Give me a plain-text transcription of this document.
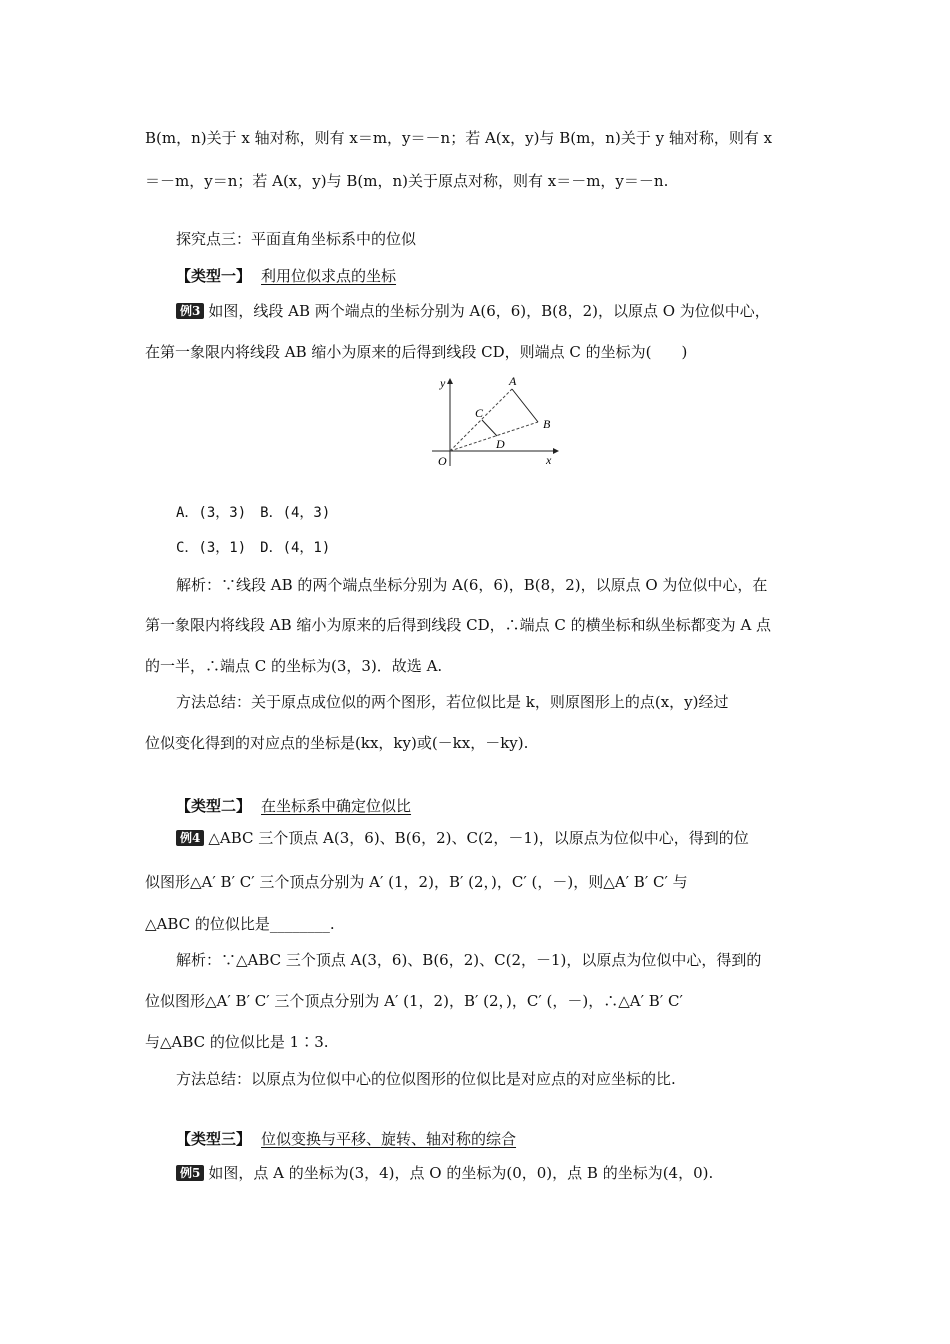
B(m，n)关于 x 轴对称，则有 x＝m，y＝－n；若 A(x，y)与 B(m，n)关于 y 轴对称，则有 x
＝－m，y＝n；若 A(x，y)与 B(m，n)关于原点对称，则有 x＝－m，y＝－n.
探究点三：平面直角坐标系中的位似
【类型一】 利用位似求点的坐标
例3 如图，线段 AB 两个端点的坐标分别为 A(6，6)，B(8，2)，以原点 O 为位似中心，
在第一象限内将线段 AB 缩小为原来的后得到线段 CD，则端点 C 的坐标为(　　)
y
x
O
A
B
C
D
A．(3，3)　B．(4，3)
C．(3，1)　D．(4，1)
解析：∵线段 AB 的两个端点坐标分别为 A(6，6)，B(8，2)，以原点 O 为位似中心，在
第一象限内将线段 AB 缩小为原来的后得到线段 CD，∴端点 C 的横坐标和纵坐标都变为 A 点
的一半，∴端点 C 的坐标为(3，3)．故选 A.
方法总结：关于原点成位似的两个图形，若位似比是 k，则原图形上的点(x，y)经过
位似变化得到的对应点的坐标是(kx，ky)或(－kx，－ky).
【类型二】 在坐标系中确定位似比
例4 △ABC 三个顶点 A(3，6)、B(6，2)、C(2，－1)，以原点为位似中心，得到的位
似图形△A′ B′ C′ 三个顶点分别为 A′ (1，2)，B′ (2，)，C′ (，－)，则△A′ B′ C′ 与
△ABC 的位似比是________.
解析：∵△ABC 三个顶点 A(3，6)、B(6，2)、C(2，－1)，以原点为位似中心，得到的
位似图形△A′ B′ C′ 三个顶点分别为 A′ (1，2)，B′ (2，)，C′ (，－)，∴△A′ B′ C′
与△ABC 的位似比是 1∶3.
方法总结：以原点为位似中心的位似图形的位似比是对应点的对应坐标的比.
【类型三】 位似变换与平移、旋转、轴对称的综合
例5 如图，点 A 的坐标为(3，4)，点 O 的坐标为(0，0)，点 B 的坐标为(4，0).
